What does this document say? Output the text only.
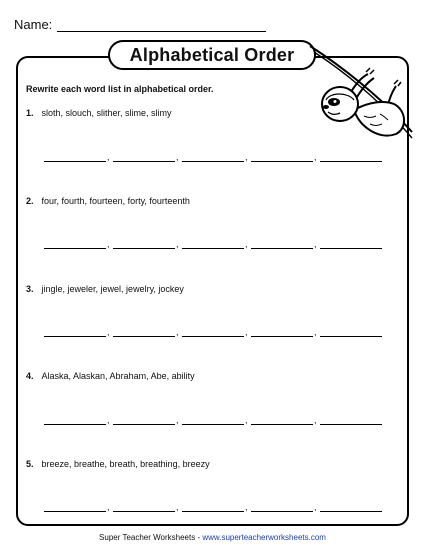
Name:
Alphabetical Order
Rewrite each word list in alphabetical order.
1. sloth, slouch, slither, slime, slimy
,	,	,	,
2. four, fourth, fourteen, forty, fourteenth
,	,	,	,
3. jingle, jeweler, jewel, jewelry, jockey
,	,	,	,
4. Alaska, Alaskan, Abraham, Abe, ability
,	,	,	,
5. breeze, breathe, breath, breathing, breezy
,	,	,	,
Super Teacher Worksheets - www.superteacherworksheets.com
